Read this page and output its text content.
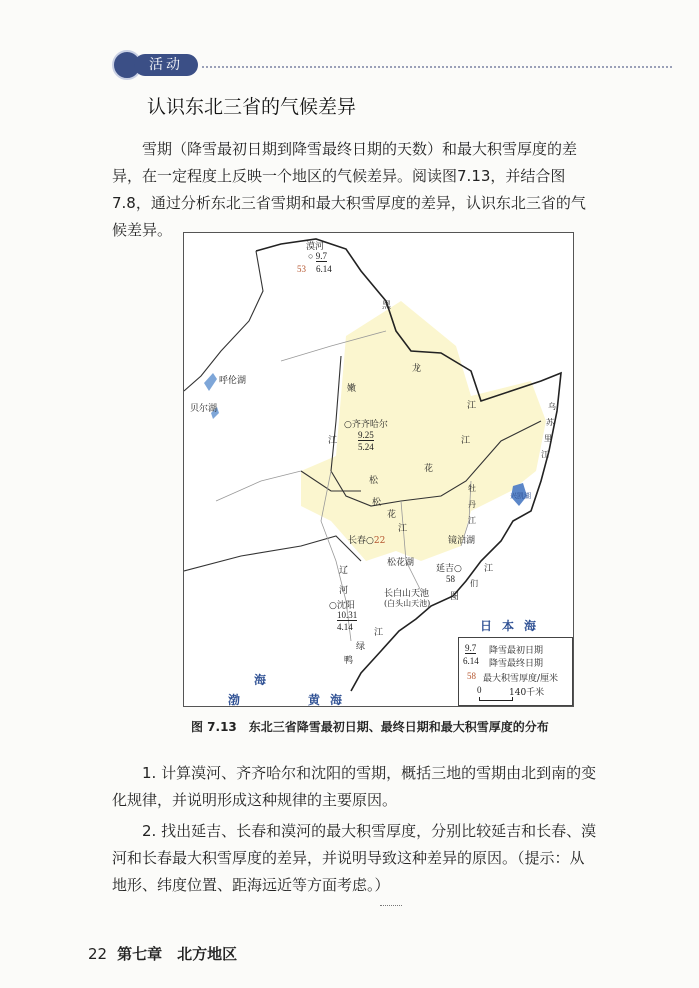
活动
认识东北三省的气候差异

雪期（降雪最初日期到降雪最终日期的天数）和最大积雪厚度的差异，在一定程度上反映一个地区的气候差异。阅读图7.13，并结合图7.8，通过分析东北三省雪期和最大积雪厚度的差异，认识东北三省的气候差异。

漠河
○ 9.7
53 6.14
○齐齐哈尔
9.25
5.24
长春○22
延吉○
58
○沈阳
10.31
4.14
呼伦湖
贝尔湖
兴凯湖
镜泊湖
松花湖
长白山天池
(白头山天池)
黑
龙
江
嫩
江
松
花
江
松
花
江
牡
丹
江
乌
苏
里
江
辽
河
鸭
绿
江
图
们
江
日本海
海
渤	黄海
9.7
6.14
降雪最初日期
降雪最终日期
58 最大积雪厚度/厘米
0	140千米
图 7.13　东北三省降雪最初日期、最终日期和最大积雪厚度的分布

1. 计算漠河、齐齐哈尔和沈阳的雪期，概括三地的雪期由北到南的变化规律，并说明形成这种规律的主要原因。

2. 找出延吉、长春和漠河的最大积雪厚度，分别比较延吉和长春、漠河和长春最大积雪厚度的差异，并说明导致这种差异的原因。（提示：从地形、纬度位置、距海远近等方面考虑。）

22 第七章　北方地区
